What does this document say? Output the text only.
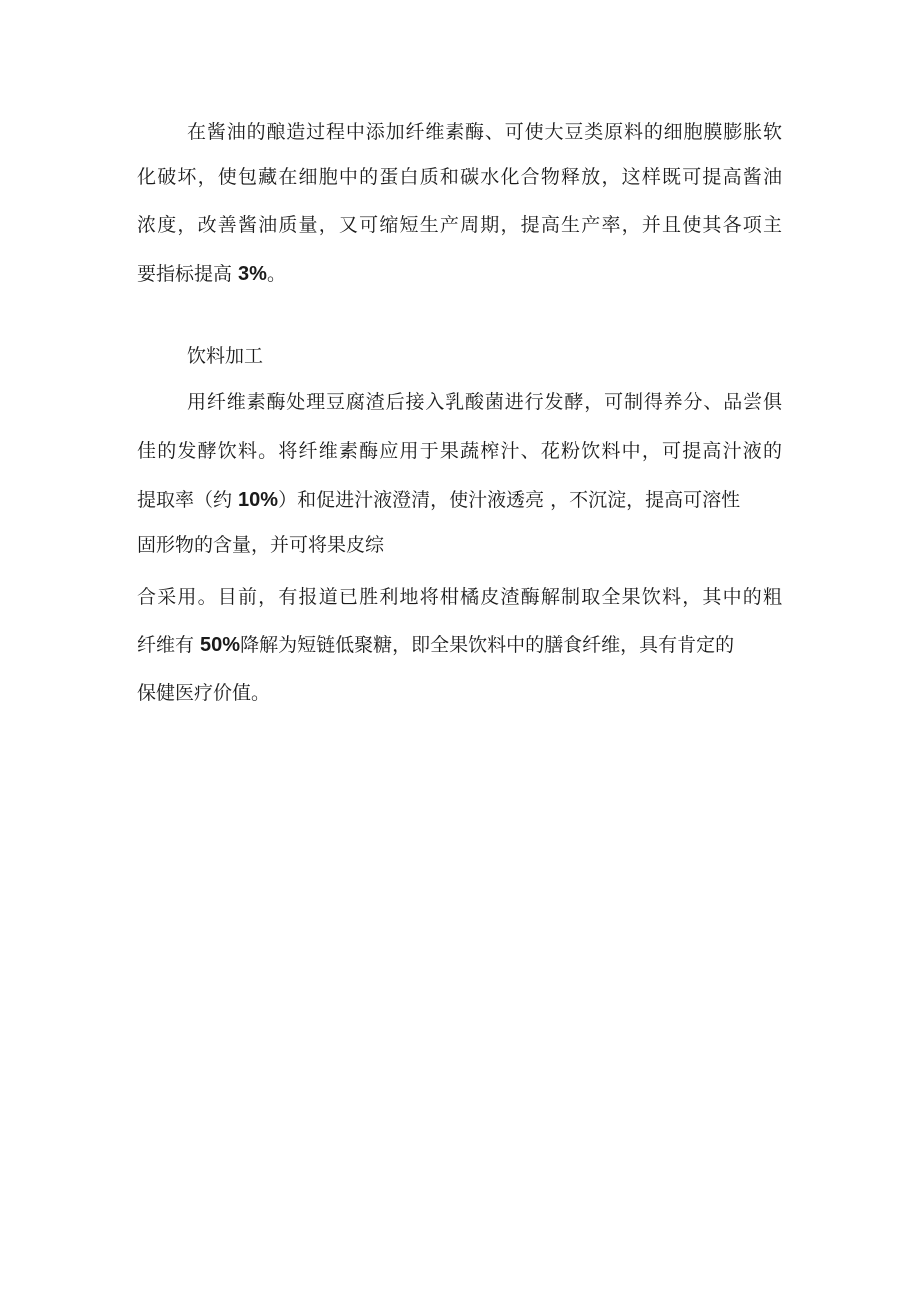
在酱油的酿造过程中添加纤维素酶、可使大豆类原料的细胞膜膨胀软

化破坏，使包藏在细胞中的蛋白质和碳水化合物释放，这样既可提高酱油

浓度，改善酱油质量，又可缩短生产周期，提高生产率，并且使其各项主

要指标提高 3%。

饮料加工

用纤维素酶处理豆腐渣后接入乳酸菌进行发酵，可制得养分、品尝俱

佳的发酵饮料。将纤维素酶应用于果蔬榨汁、花粉饮料中，可提高汁液的

提取率（约 10%）和促进汁液澄清，使汁液透亮 ，不沉淀，提高可溶性

固形物的含量，并可将果皮综

合采用。目前，有报道已胜利地将柑橘皮渣酶解制取全果饮料，其中的粗

纤维有 50%降解为短链低聚糖，即全果饮料中的膳食纤维，具有肯定的

保健医疗价值。
